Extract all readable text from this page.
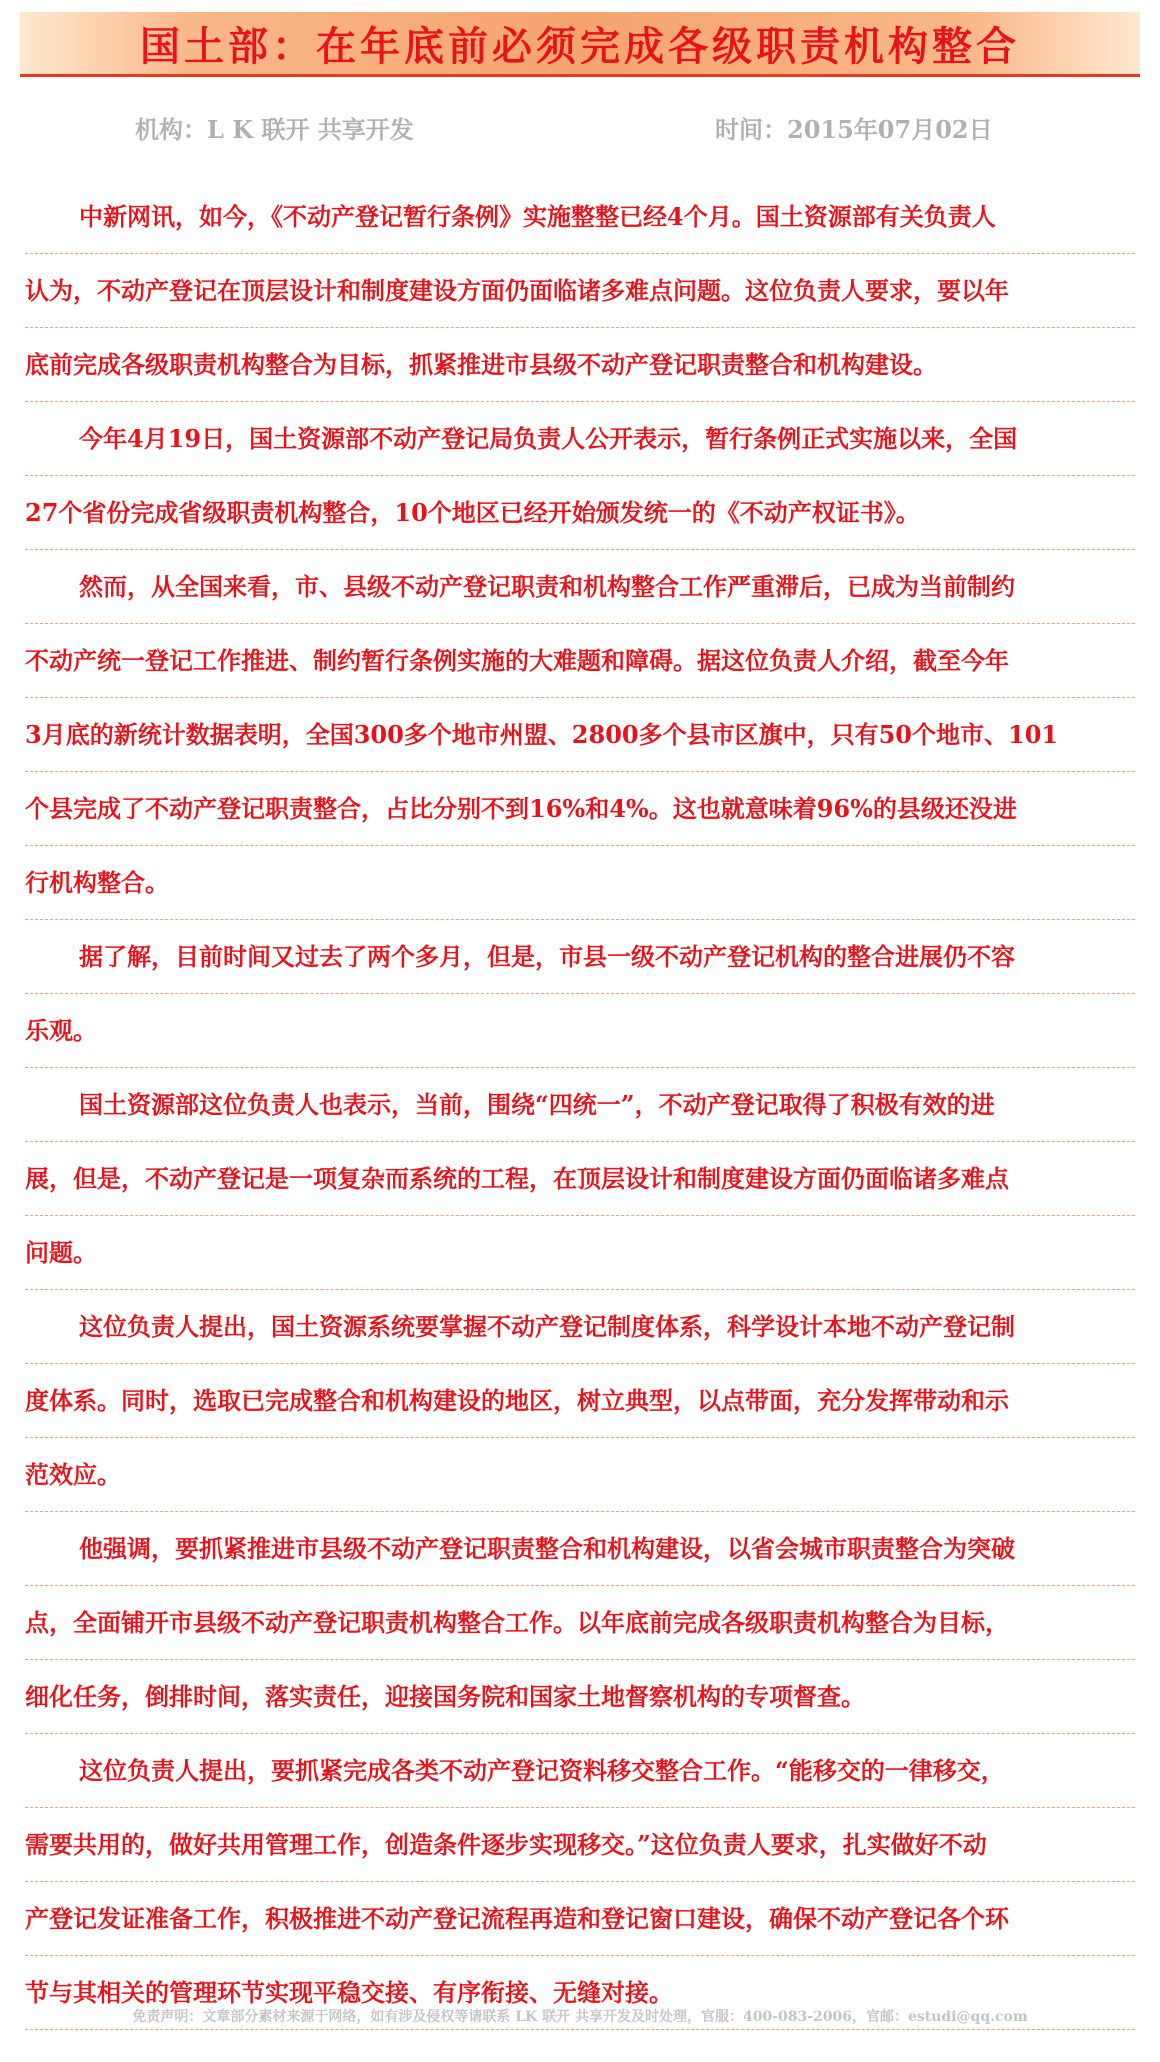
国土部：在年底前必须完成各级职责机构整合
机构：L K 联开 共享开发	时间：2015年07月02日
中新网讯，如今，《不动产登记暂行条例》实施整整已经4个月。国土资源部有关负责人
认为，不动产登记在顶层设计和制度建设方面仍面临诸多难点问题。这位负责人要求，要以年
底前完成各级职责机构整合为目标，抓紧推进市县级不动产登记职责整合和机构建设。
今年4月19日，国土资源部不动产登记局负责人公开表示，暂行条例正式实施以来，全国
27个省份完成省级职责机构整合，10个地区已经开始颁发统一的《不动产权证书》。
然而，从全国来看，市、县级不动产登记职责和机构整合工作严重滞后，已成为当前制约
不动产统一登记工作推进、制约暂行条例实施的大难题和障碍。据这位负责人介绍，截至今年
3月底的新统计数据表明，全国300多个地市州盟、2800多个县市区旗中，只有50个地市、101
个县完成了不动产登记职责整合，占比分别不到16%和4%。这也就意味着96%的县级还没进
行机构整合。
据了解，目前时间又过去了两个多月，但是，市县一级不动产登记机构的整合进展仍不容
乐观。
国土资源部这位负责人也表示，当前，围绕“四统一”，不动产登记取得了积极有效的进
展，但是，不动产登记是一项复杂而系统的工程，在顶层设计和制度建设方面仍面临诸多难点
问题。
这位负责人提出，国土资源系统要掌握不动产登记制度体系，科学设计本地不动产登记制
度体系。同时，选取已完成整合和机构建设的地区，树立典型，以点带面，充分发挥带动和示
范效应。
他强调，要抓紧推进市县级不动产登记职责整合和机构建设，以省会城市职责整合为突破
点，全面铺开市县级不动产登记职责机构整合工作。以年底前完成各级职责机构整合为目标，
细化任务，倒排时间，落实责任，迎接国务院和国家土地督察机构的专项督查。
这位负责人提出，要抓紧完成各类不动产登记资料移交整合工作。“能移交的一律移交，
需要共用的，做好共用管理工作，创造条件逐步实现移交。”这位负责人要求，扎实做好不动
产登记发证准备工作，积极推进不动产登记流程再造和登记窗口建设，确保不动产登记各个环
节与其相关的管理环节实现平稳交接、有序衔接、无缝对接。
免责声明：文章部分素材来源于网络，如有涉及侵权等请联系 LK 联开 共享开发及时处理，官服：400-083-2006，官邮：estudi@qq.com
